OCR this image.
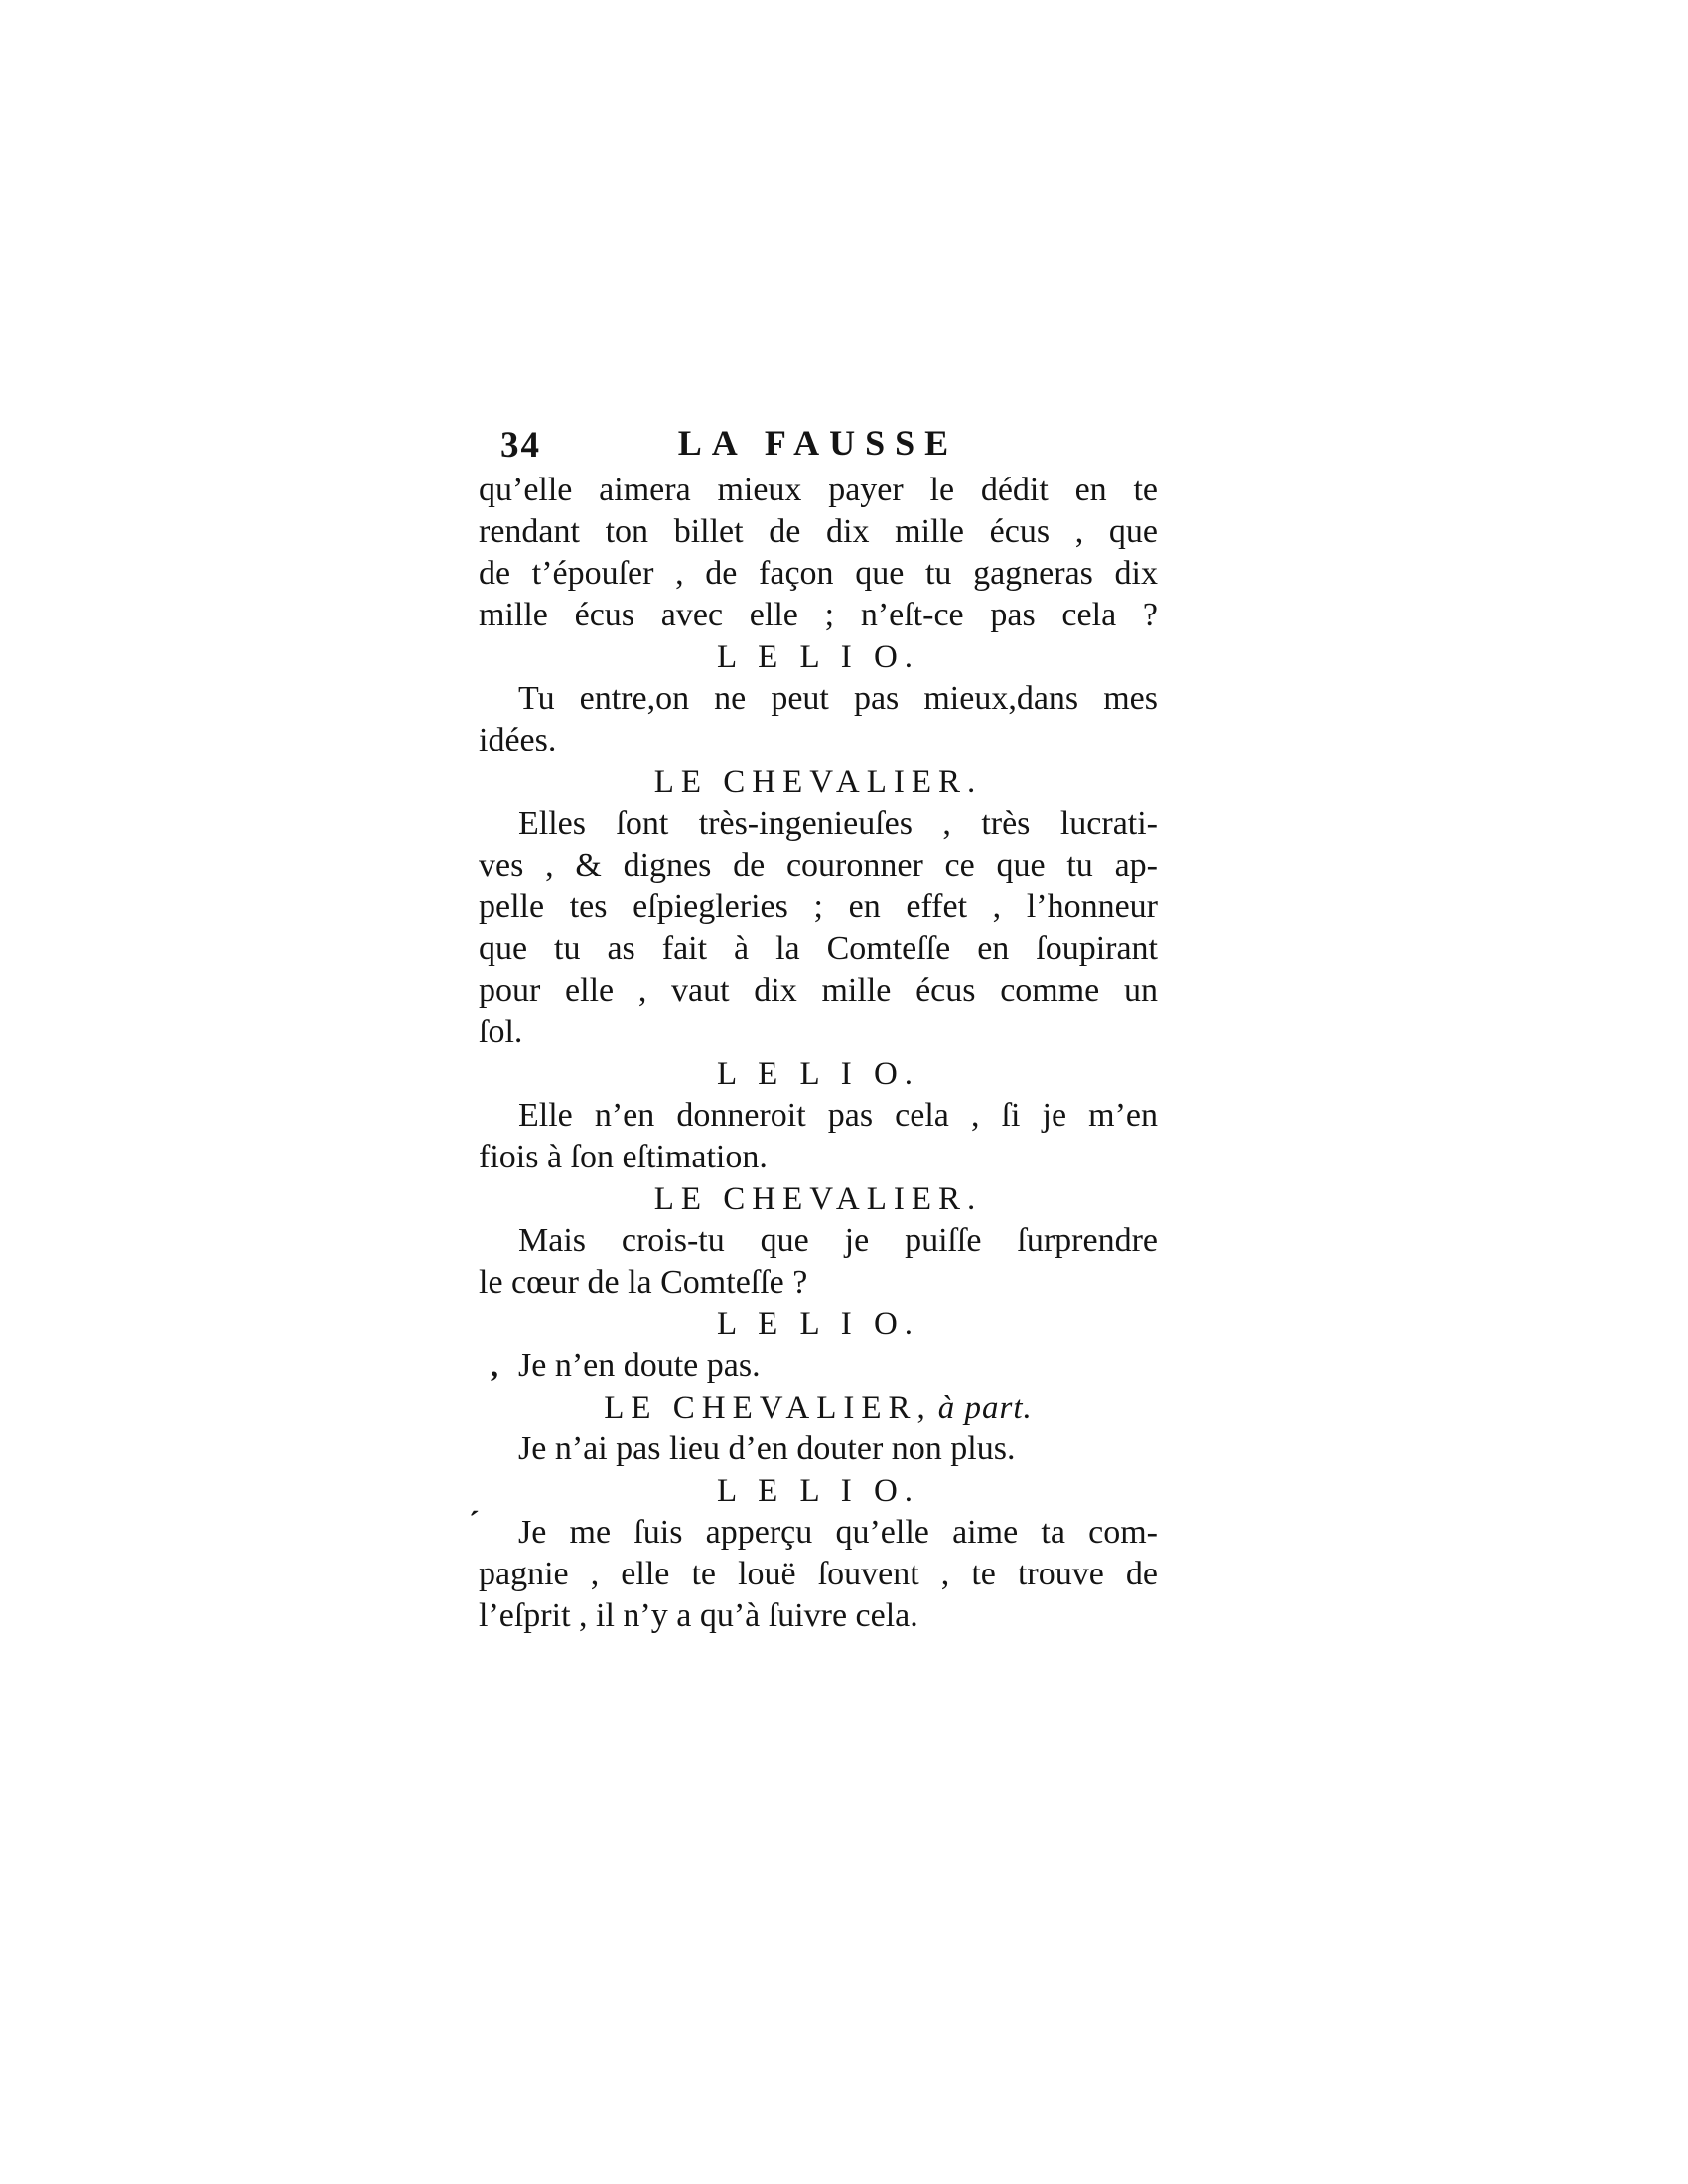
34	LA FAUSSE
qu’elle aimera mieux payer le dédit en te
rendant ton billet de dix mille écus , que
de t’épouſer , de façon que tu gagneras dix
mille écus avec elle ; n’eſt-ce pas cela ?
L E L I O.
Tu entre,on ne peut pas mieux,dans mes
idées.
LE CHEVALIER.
Elles ſont très-ingenieuſes , très lucrati-
ves , & dignes de couronner ce que tu ap-
pelle tes eſpiegleries ; en effet , l’honneur
que tu as fait à la Comteſſe en ſoupirant
pour elle , vaut dix mille écus comme un
ſol.
L E L I O.
Elle n’en donneroit pas cela , ſi je m’en
fiois à ſon eſtimation.
LE CHEVALIER.
Mais crois-tu que je puiſſe ſurprendre
le cœur de la Comteſſe ?
L E L I O.
Je n’en doute pas.
LE CHEVALIER, à part.
Je n’ai pas lieu d’en douter non plus.
L E L I O.
Je me ſuis apperçu qu’elle aime ta com-
pagnie , elle te louë ſouvent , te trouve de
l’eſprit , il n’y a qu’à ſuivre cela.
,
´
